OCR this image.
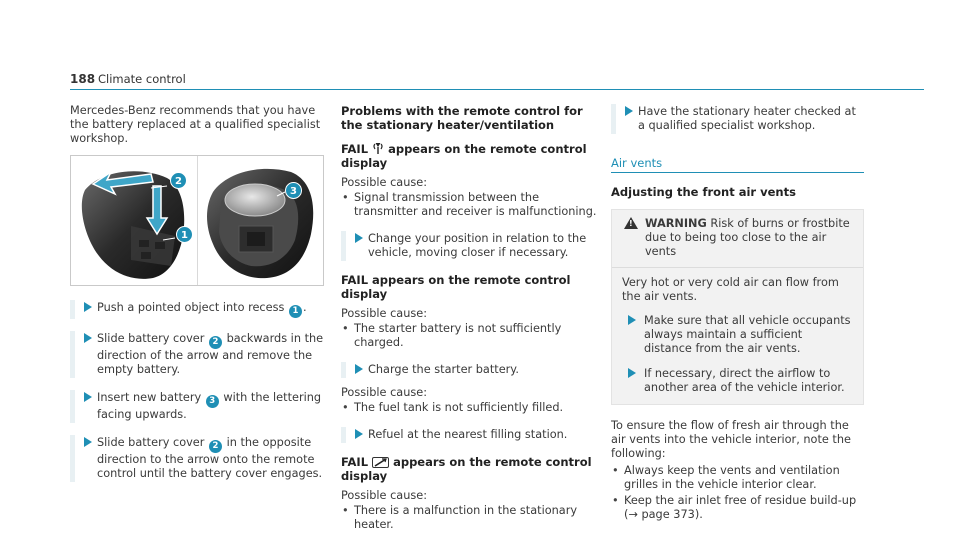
188 Climate control

Mercedes-Benz recommends that you have the battery replaced at a qualified specialist workshop.

2
1
3
Push a pointed object into recess 1 .
Slide battery cover 2 backwards in the direction of the arrow and remove the empty battery.
Insert new battery 3 with the lettering facing upwards.
Slide battery cover 2 in the opposite direction to the arrow onto the remote control until the battery cover engages.
Problems with the remote control for the stationary heater/ventilation
FAIL appears on the remote control display
Possible cause:
• Signal transmission between the transmitter and receiver is malfunctioning.
Change your position in relation to the vehicle, moving closer if necessary.
FAIL appears on the remote control display
Possible cause:
• The starter battery is not sufficiently charged.
Charge the starter battery.
Possible cause:
• The fuel tank is not sufficiently filled.
Refuel at the nearest filling station.
FAIL appears on the remote control display
Possible cause:
• There is a malfunction in the stationary heater.
Have the stationary heater checked at a qualified specialist workshop.
Air vents
Adjusting the front air vents
! WARNING Risk of burns or frostbite due to being too close to the air vents

Very hot or very cold air can flow from the air vents.

Make sure that all vehicle occupants always maintain a sufficient distance from the air vents.
If necessary, direct the airflow to another area of the vehicle interior.

To ensure the flow of fresh air through the air vents into the vehicle interior, note the following:

• Always keep the vents and ventilation grilles in the vehicle interior clear.
• Keep the air inlet free of residue build-up (→ page 373).
